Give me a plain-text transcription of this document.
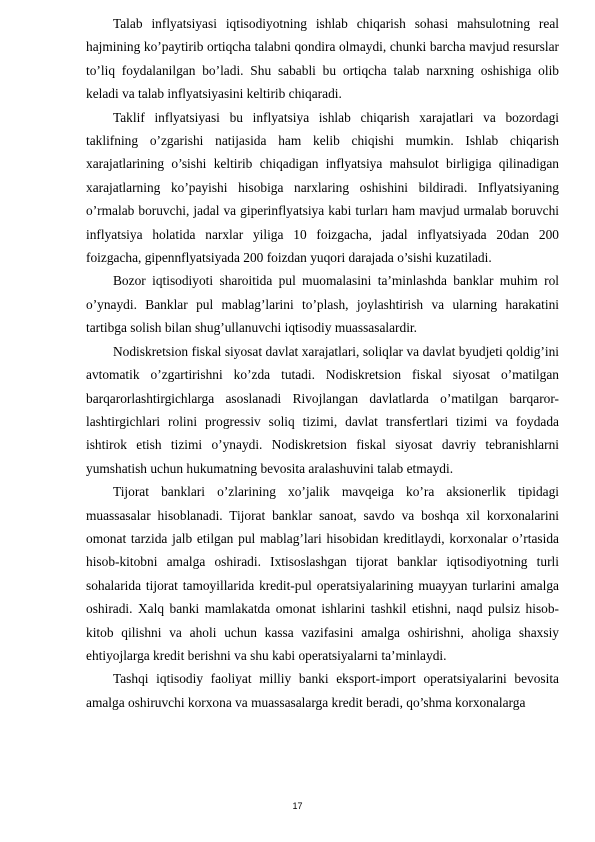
Talab inflyatsiyasi iqtisodiyotning ishlab chiqarish sohasi mahsulotning real hajmining ko’paytirib ortiqcha talabni qondira olmaydi, chunki barcha mavjud resurslar to’liq foydalanilgan bo’ladi. Shu sababli bu ortiqcha talab narxning oshishiga olib keladi va talab inflyatsiyasini keltirib chiqaradi.

Taklif inflyatsiyasi bu inflyatsiya ishlab chiqarish xarajatlari va bozordagi taklifning o’zgarishi natijasida ham kelib chiqishi mumkin. Ishlab chiqarish xarajatlarining o’sishi keltirib chiqadigan inflyatsiya mahsulot birligiga qilinadigan xarajatlarning ko’payishi hisobiga narxlaring oshishini bildiradi. Inflyatsiyaning o’rmalab boruvchi, jadal va giperinflyatsiya kabi turları ham mavjud urmalab boruvchi inflyatsiya holatida narxlar yiliga 10 foizgacha, jadal inflyatsiyada 20dan 200 foizgacha, gipennflyatsiyada 200 foizdan yuqori darajada o’sishi kuzatiladi.

Bozor iqtisodiyoti sharoitida pul muomalasini ta’minlashda banklar muhim rol o’ynaydi. Banklar pul mablag’larini to’plash, joylashtirish va ularning harakatini tartibga solish bilan shug’ullanuvchi iqtisodiy muassasalardir.

Nodiskretsion fiskal siyosat davlat xarajatlari, soliqlar va davlat byudjeti qoldig’ini avtomatik o’zgartirishni ko’zda tutadi. Nodiskretsion fiskal siyosat o’matilgan barqarorlashtirgichlarga asoslanadi Rivojlangan davlatlarda o’matilgan barqaror-lashtirgichlari rolini progressiv soliq tizimi, davlat transfertlari tizimi va foydada ishtirok etish tizimi o’ynaydi. Nodiskretsion fiskal siyosat davriy tebranishlarni yumshatish uchun hukumatning bevosita aralashuvini talab etmaydi.

Tijorat banklari o’zlarining xo’jalik mavqeiga ko’ra aksionerlik tipidagi muassasalar hisoblanadi. Tijorat banklar sanoat, savdo va boshqa xil korxonalarini omonat tarzida jalb etilgan pul mablag’lari hisobidan kreditlaydi, korxonalar o’rtasida hisob-kitobni amalga oshiradi. Ixtisoslashgan tijorat banklar iqtisodiyotning turli sohalarida tijorat tamoyillarida kredit-pul operatsiyalarining muayyan turlarini amalga oshiradi. Xalq banki mamlakatda omonat ishlarini tashkil etishni, naqd pulsiz hisob-kitob qilishni va aholi uchun kassa vazifasini amalga oshirishni, aholiga shaxsiy ehtiyojlarga kredit berishni va shu kabi operatsiyalarni ta’minlaydi.

Tashqi iqtisodiy faoliyat milliy banki eksport-import operatsiyalarini bevosita amalga oshiruvchi korxona va muassasalarga kredit beradi, qo’shma korxonalarga

17
